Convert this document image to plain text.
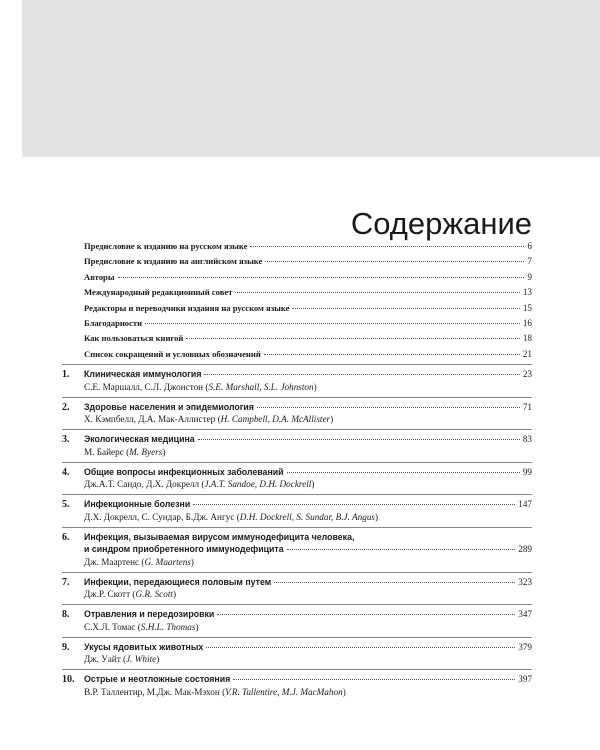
Содержание
Предисловие к изданию на русском языке	6
Предисловие к изданию на английском языке	7
Авторы	9
Международный редакционный совет	13
Редакторы и переводчики издания на русском языке	15
Благодарности	16
Как пользоваться книгой	18
Список сокращений и условных обозначений	21
1.	Клиническая иммунология	23
С.Е. Маршалл, С.Л. Джонстон (S.E. Marshall, S.L. Johnston)
2.	Здоровье населения и эпидемиология	71
Х. Кэмпбелл, Д.А. Мак-Аллистер (H. Campbell, D.A. McAllister)
3.	Экологическая медицина	83
М. Байерс (M. Byers)
4.	Общие вопросы инфекционных заболеваний	99
Дж.А.Т. Сандо, Д.Х. Докрелл (J.A.T. Sandoe, D.H. Dockrell)
5.	Инфекционные болезни	147
Д.Х. Докрелл, С. Сундар, Б.Дж. Ангус (D.H. Dockrell, S. Sundar, B.J. Angus)
6.	Инфекция, вызываемая вирусом иммунодефицита человека,
и синдром приобретенного иммунодефицита	289
Дж. Маартенс (G. Maartens)
7.	Инфекции, передающиеся половым путем	323
Дж.Р. Скотт (G.R. Scott)
8.	Отравления и передозировки	347
С.Х.Л. Томас (S.H.L. Thomas)
9.	Укусы ядовитых животных	379
Дж. Уайт (J. White)
10.	Острые и неотложные состояния	397
В.Р. Таллентир, М.Дж. Мак-Мэхон (V.R. Tallentire, M.J. MacMahon)
